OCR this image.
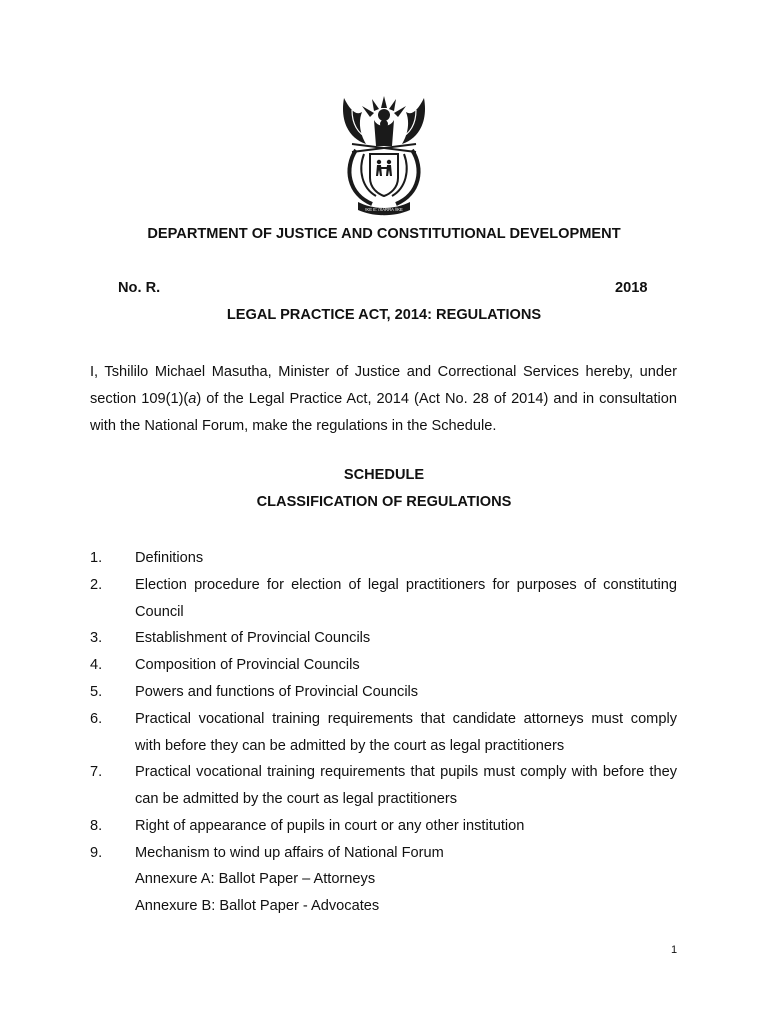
!KE E: /XARRA //KE
DEPARTMENT OF JUSTICE AND CONSTITUTIONAL DEVELOPMENT
No. R.	2018
LEGAL PRACTICE ACT, 2014: REGULATIONS

I, Tshililo Michael Masutha, Minister of Justice and Correctional Services hereby, under section 109(1)(a) of the Legal Practice Act, 2014 (Act No. 28 of 2014) and in consultation with the National Forum, make the regulations in the Schedule.

SCHEDULE
CLASSIFICATION OF REGULATIONS
1. Definitions
2. Election procedure for election of legal practitioners for purposes of constituting Council
3. Establishment of Provincial Councils
4. Composition of Provincial Councils
5. Powers and functions of Provincial Councils
6. Practical vocational training requirements that candidate attorneys must comply with before they can be admitted by the court as legal practitioners
7. Practical vocational training requirements that pupils must comply with before they can be admitted by the court as legal practitioners
8. Right of appearance of pupils in court or any other institution
9. Mechanism to wind up affairs of National Forum
Annexure A: Ballot Paper – Attorneys
Annexure B: Ballot Paper - Advocates
1
